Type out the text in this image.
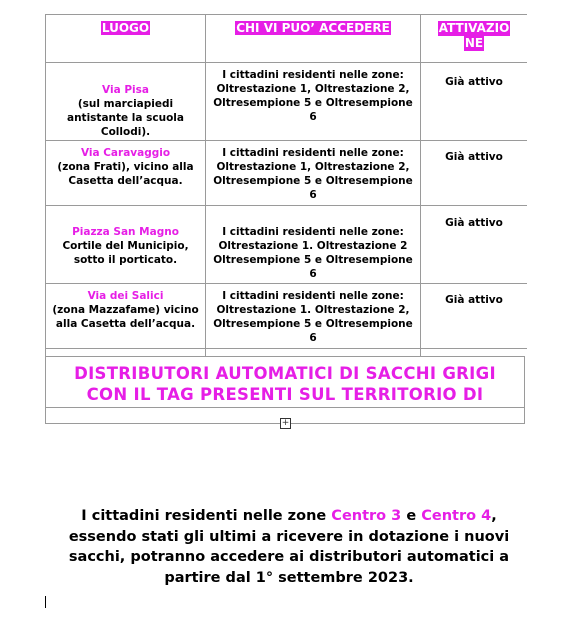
LUOGO	CHI VI PUO’ ACCEDERE	ATTIVAZIO
NE

Via Pisa
(sul marciapiedi antistante la scuola Collodi).	I cittadini residenti nelle zone: Oltrestazione 1, Oltrestazione 2, Oltresempione 5 e Oltresempione 6	Già attivo

Via Caravaggio
(zona Frati), vicino alla Casetta dell’acqua.	I cittadini residenti nelle zone: Oltrestazione 1, Oltrestazione 2, Oltresempione 5 e Oltresempione 6	Già attivo

Piazza San Magno
Cortile del Municipio, sotto il porticato.	I cittadini residenti nelle zone: Oltrestazione 1. Oltrestazione 2 Oltresempione 5 e Oltresempione 6	Già attivo

Via dei Salici
(zona Mazzafame) vicino alla Casetta dell’acqua.	I cittadini residenti nelle zone: Oltrestazione 1. Oltrestazione 2, Oltresempione 5 e Oltresempione 6	Già attivo

DISTRIBUTORI AUTOMATICI DI SACCHI GRIGI
CON IL TAG PRESENTI SUL TERRITORIO DI
+
I cittadini residenti nelle zone Centro 3 e Centro 4, essendo stati gli ultimi a ricevere in dotazione i nuovi sacchi, potranno accedere ai distributori automatici a partire dal 1° settembre 2023.
